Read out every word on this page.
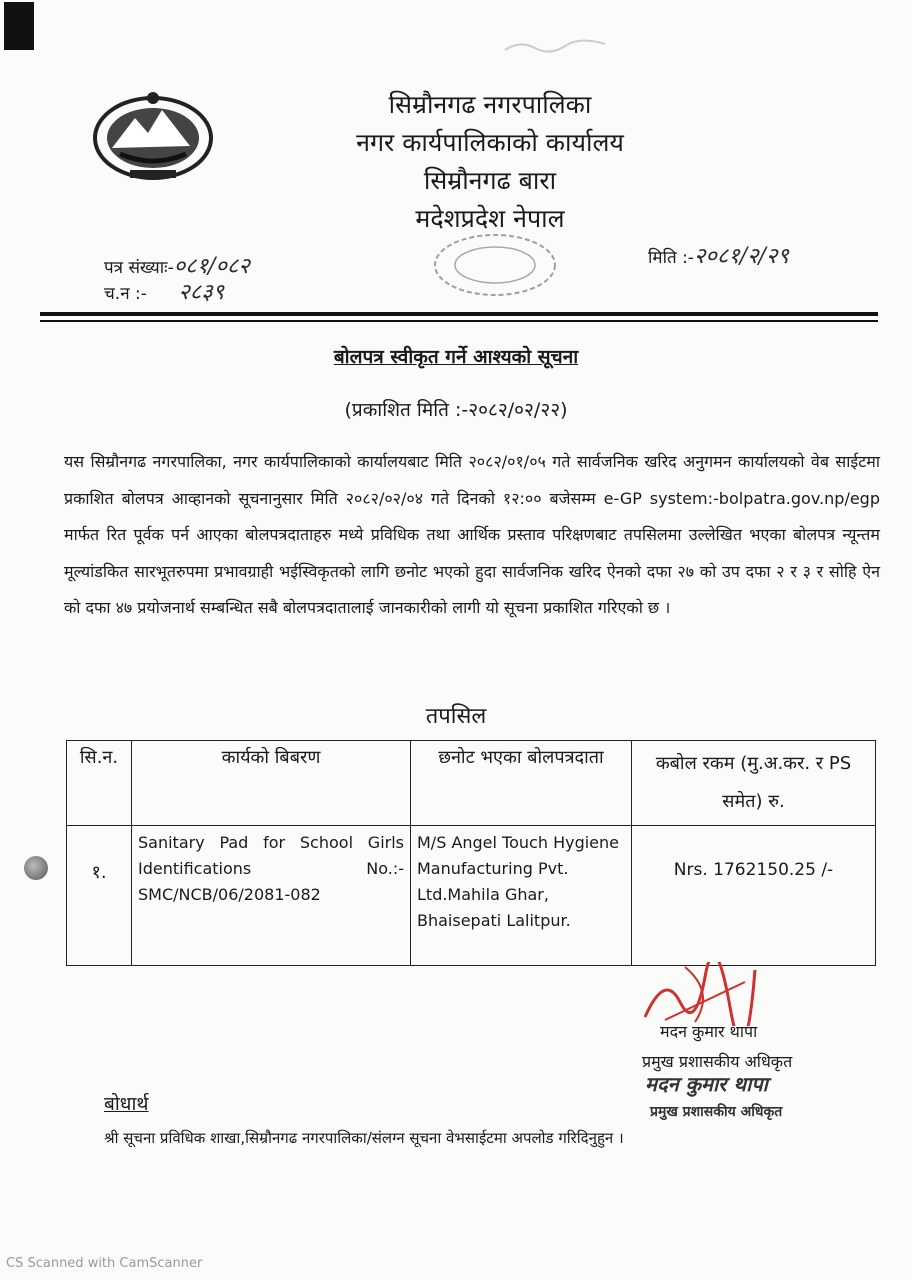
सिम्रौनगढ नगरपालिका
नगर कार्यपालिकाको कार्यालय
सिम्रौनगढ बारा
मदेशप्रदेश नेपाल
पत्र संख्याः-०८१/०८२
च.न :- २८३९
मिति :-२०८१/२/२९
बोलपत्र स्वीकृत गर्ने आश्यको सूचना
(प्रकाशित मिति :-२०८२/०२/२२)
यस सिम्रौनगढ नगरपालिका, नगर कार्यपालिकाको कार्यालयबाट मिति २०८२/०१/०५ गते सार्वजनिक खरिद अनुगमन कार्यालयको वेब साईटमा प्रकाशित बोलपत्र आव्हानको सूचनानुसार मिति २०८२/०२/०४ गते दिनको १२:०० बजेसम्म e-GP system:-bolpatra.gov.np/egp मार्फत रित पूर्वक पर्न आएका बोलपत्रदाताहरु मध्ये प्रविधिक तथा आर्थिक प्रस्ताव परिक्षणबाट तपसिलमा उल्लेखित भएका बोलपत्र न्यून्तम मूल्यांडकित सारभूतरुपमा प्रभावग्राही भईस्विकृतको लागि छनोट भएको हुदा सार्वजनिक खरिद ऐनको दफा २७ को उप दफा २ र ३ र सोहि ऐन को दफा ४७ प्रयोजनार्थ सम्बन्धित सबै बोलपत्रदातालाई जानकारीको लागी यो सूचना प्रकाशित गरिएको छ ।
तपसिल
सि.न.	कार्यको बिबरण	छनोट भएका बोलपत्रदाता	कबोल रकम (मु.अ.कर. र PS समेत) रु.
१.	Sanitary Pad for School Girls Identifications No.:- SMC/NCB/06/2081-082	M/S Angel Touch Hygiene Manufacturing Pvt. Ltd.Mahila Ghar, Bhaisepati Lalitpur.	Nrs. 1762150.25 /-
मदन कुमार थापा
प्रमुख प्रशासकीय अधिकृत
मदन कुमार थापा
प्रमुख प्रशासकीय अधिकृत
बोधार्थ
श्री सूचना प्रविधिक शाखा,सिम्रौनगढ नगरपालिका/संलग्न सूचना वेभसाईटमा अपलोड गरिदिनुहुन ।
CS Scanned with CamScanner
